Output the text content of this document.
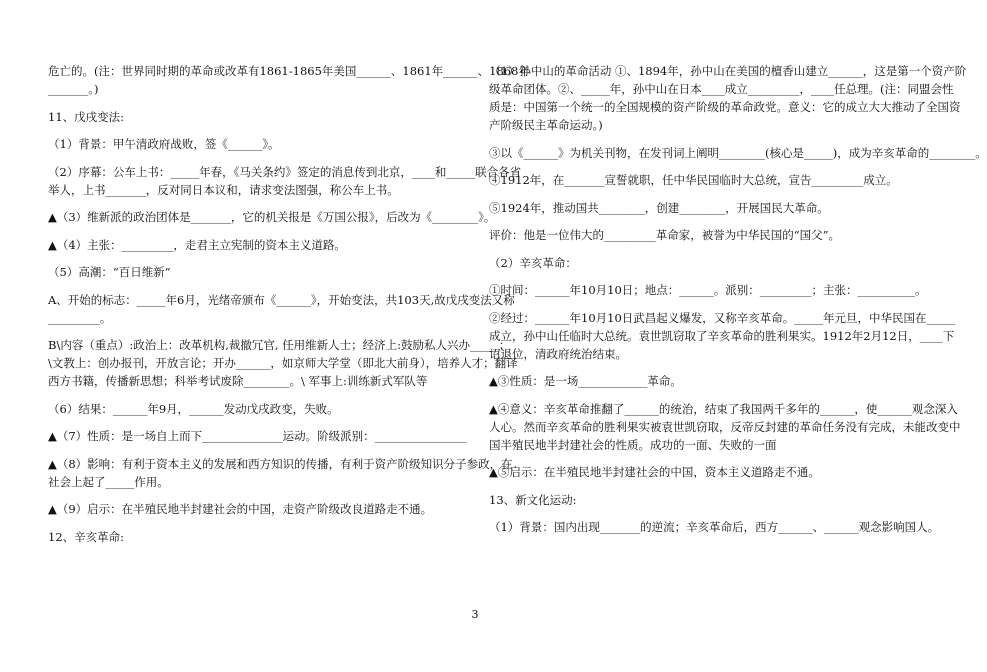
危亡的。(注：世界同时期的革命或改革有1861-1865年美国______、1861年______、1868年
_______。)
11、戊戌变法:
（1）背景：甲午清政府战败，签《______》。
（2）序幕：公车上书：_____年春，《马关条约》签定的消息传到北京，____和_____联合各省
举人，上书_______，反对同日本议和，请求变法图强，称公车上书。
▲（3）维新派的政治团体是_______，它的机关报是《万国公报》，后改为《________》。
▲（4）主张：_________，走君主立宪制的资本主义道路。
（5）高潮：“百日维新”
A、开始的标志：_____年6月，光绪帝颁布《______》，开始变法，共103天,故戊戌变法又称
_________。
B\内容（重点）:政治上：改革机构,裁撤冗官, 任用维新人士；经济上:鼓励私人兴办_____；
\文教上：创办报刊，开放言论；开办______，如京师大学堂（即北大前身），培养人才；翻译
西方书籍，传播新思想；科举考试废除________。\ 军事上:训练新式军队等
（6）结果：______年9月，______发动戊戌政变，失败。
▲（7）性质：是一场自上而下______________运动。阶级派别：________________
▲（8）影响：有利于资本主义的发展和西方知识的传播，有利于资产阶级知识分子参政，在
社会上起了_____作用。
▲（9）启示：在半殖民地半封建社会的中国，走资产阶级改良道路走不通。
12、辛亥革命:
（1）孙中山的革命活动 ①、1894年，孙中山在美国的檀香山建立______，这是第一个资产阶
级革命团体。②、_____年，孙中山在日本____成立_________，____任总理。(注：同盟会性
质是：中国第一个统一的全国规模的资产阶级的革命政党。意义：它的成立大大推动了全国资
产阶级民主革命运动。)
③以《______》为机关刊物，在发刊词上阐明________(核心是_____)，成为辛亥革命的________。
④1912年，在_______宣誓就职，任中华民国临时大总统，宣告_________成立。
⑤1924年，推动国共________，创建________，开展国民大革命。
评价：他是一位伟大的_________革命家，被誉为中华民国的“国父”。
（2）辛亥革命：
①时间：______年10月10日；地点：______。派别：_________；主张：__________。
②经过：______年10月10日武昌起义爆发，又称辛亥革命。_____年元旦，中华民国在_____
成立，孙中山任临时大总统。袁世凯窃取了辛亥革命的胜利果实。1912年2月12日，____下
诏退位，清政府统治结束。
▲③性质：是一场____________革命。
▲④意义：辛亥革命推翻了______的统治，结束了我国两千多年的______，使______观念深入
人心。然而辛亥革命的胜利果实被袁世凯窃取，反帝反封建的革命任务没有完成，未能改变中
国半殖民地半封建社会的性质。成功的一面、失败的一面
▲⑤启示：在半殖民地半封建社会的中国，资本主义道路走不通。
13、新文化运动:
（1）背景：国内出现_______的逆流；辛亥革命后，西方______、______观念影响国人。
3
